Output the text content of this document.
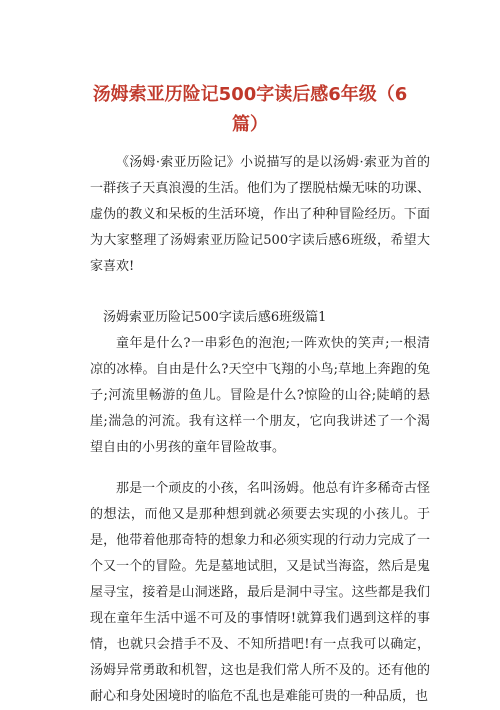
汤姆索亚历险记500字读后感6年级（6篇）

《汤姆·索亚历险记》小说描写的是以汤姆·索亚为首的一群孩子天真浪漫的生活。他们为了摆脱枯燥无味的功课、虚伪的教义和呆板的生活环境，作出了种种冒险经历。下面为大家整理了汤姆索亚历险记500字读后感6班级，希望大家喜欢!

汤姆索亚历险记500字读后感6班级篇1

童年是什么?一串彩色的泡泡;一阵欢快的笑声;一根清凉的冰棒。自由是什么?天空中飞翔的小鸟;草地上奔跑的兔子;河流里畅游的鱼儿。冒险是什么?惊险的山谷;陡峭的悬崖;湍急的河流。我有这样一个朋友，它向我讲述了一个渴望自由的小男孩的童年冒险故事。

那是一个顽皮的小孩，名叫汤姆。他总有许多稀奇古怪的想法，而他又是那种想到就必须要去实现的小孩儿。于是，他带着他那奇特的想象力和必须实现的行动力完成了一个又一个的冒险。先是墓地试胆，又是试当海盗，然后是鬼屋寻宝，接着是山洞迷路，最后是洞中寻宝。这些都是我们现在童年生活中遥不可及的事情呀!就算我们遇到这样的事情，也就只会措手不及、不知所措吧!有一点我可以确定，汤姆异常勇敢和机智，这也是我们常人所不及的。还有他的耐心和身处困境时的临危不乱也是难能可贵的一种品质，也
